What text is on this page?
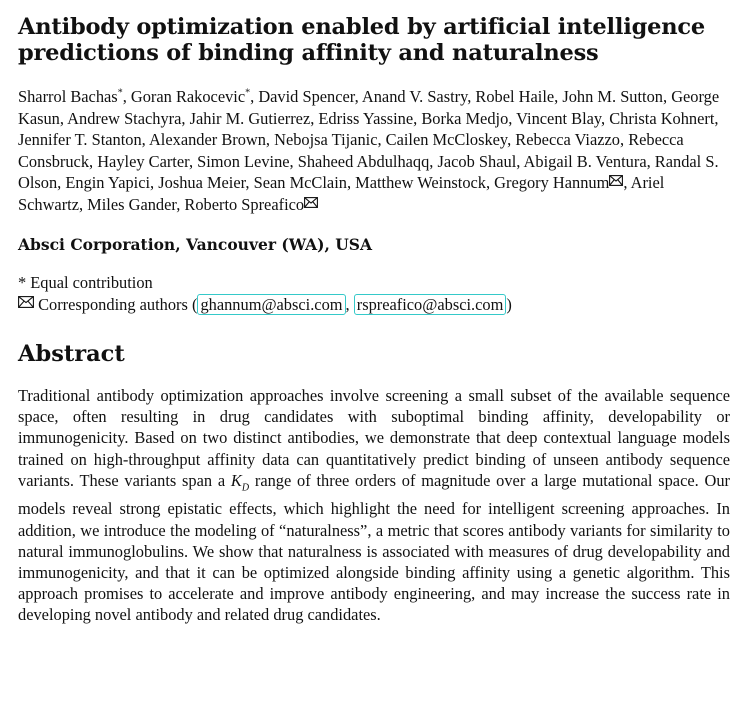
Antibody optimization enabled by artificial intelligence
predictions of binding affinity and naturalness
Sharrol Bachas*, Goran Rakocevic*, David Spencer, Anand V. Sastry, Robel Haile, John M. Sutton, George Kasun, Andrew Stachyra, Jahir M. Gutierrez, Edriss Yassine, Borka Medjo, Vincent Blay, Christa Kohnert, Jennifer T. Stanton, Alexander Brown, Nebojsa Tijanic, Cailen McCloskey, Rebecca Viazzo, Rebecca Consbruck, Hayley Carter, Simon Levine, Shaheed Abdulhaqq, Jacob Shaul, Abigail B. Ventura, Randal S. Olson, Engin Yapici, Joshua Meier, Sean McClain, Matthew Weinstock, Gregory Hannum , Ariel Schwartz, Miles Gander, Roberto Spreafico
Absci Corporation, Vancouver (WA), USA
* Equal contribution
Corresponding authors ( ghannum@absci.com , rspreafico@absci.com )
Abstract
Traditional antibody optimization approaches involve screening a small subset of the available sequence space, often resulting in drug candidates with suboptimal binding affinity, developability or immunogenicity. Based on two distinct antibodies, we demonstrate that deep contextual language models trained on high-throughput affinity data can quantitatively predict binding of unseen antibody sequence variants. These variants span a $K_D$ range of three orders of magnitude over a large mutational space. Our models reveal strong epistatic effects, which highlight the need for intelligent screening approaches. In addition, we introduce the modeling of “naturalness”, a metric that scores antibody variants for similarity to natural immunoglobulins. We show that naturalness is associated with measures of drug developability and immunogenicity, and that it can be optimized alongside binding affinity using a genetic algorithm. This approach promises to accelerate and improve antibody engineering, and may increase the success rate in developing novel antibody and related drug candidates.
